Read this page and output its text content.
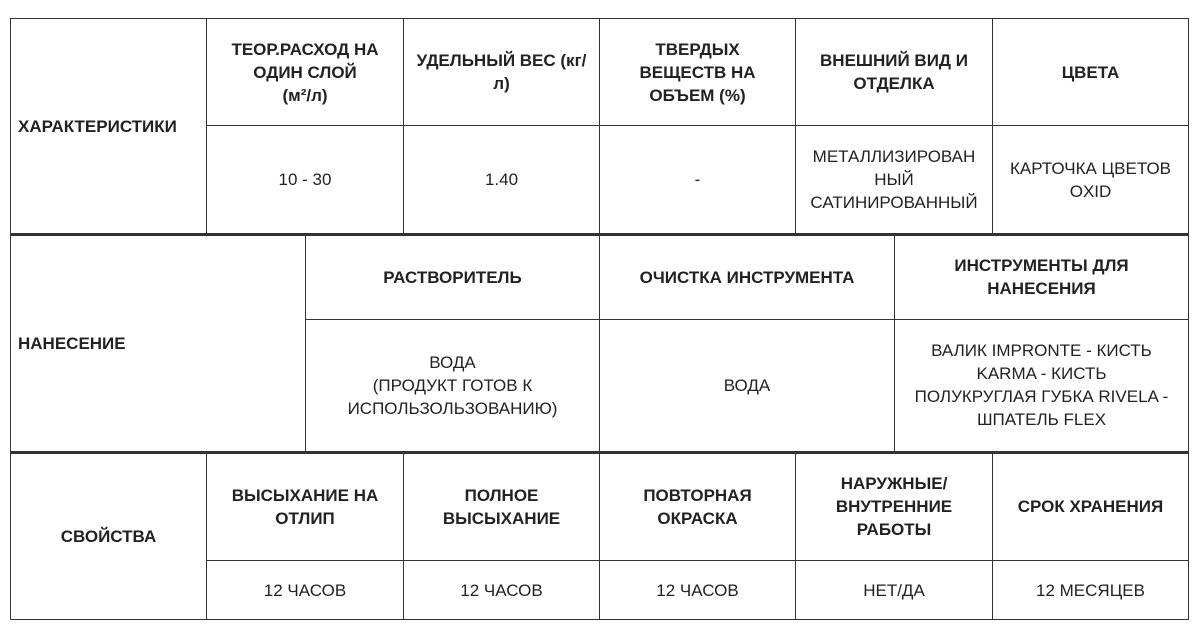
ХАРАКТЕРИСТИКИ	ТЕОР.РАСХОД НА
ОДИН СЛОЙ
(м²/л)	УДЕЛЬНЫЙ ВЕС (кг/
л)	ТВЕРДЫХ
ВЕЩЕСТВ НА
ОБЪЕМ (%)	ВНЕШНИЙ ВИД И
ОТДЕЛКА	ЦВЕТА
	10 - 30	1.40	-	МЕТАЛЛИЗИРОВАН
НЫЙ
САТИНИРОВАННЫЙ	КАРТОЧКА ЦВЕТОВ
OXID
НАНЕСЕНИЕ	РАСТВОРИТЕЛЬ	ОЧИСТКА ИНСТРУМЕНТА	ИНСТРУМЕНТЫ ДЛЯ
НАНЕСЕНИЯ
	ВОДА
(ПРОДУКТ ГОТОВ К
ИСПОЛЬЗОЛЬЗОВАНИЮ)	ВОДА	ВАЛИК IMPRONTE - КИСТЬ
KARMA - КИСТЬ
ПОЛУКРУГЛАЯ ГУБКА RIVELA -
ШПАТЕЛЬ FLEX
СВОЙСТВА	ВЫСЫХАНИЕ НА
ОТЛИП	ПОЛНОЕ
ВЫСЫХАНИЕ	ПОВТОРНАЯ
ОКРАСКА	НАРУЖНЫЕ/
ВНУТРЕННИЕ
РАБОТЫ	СРОК ХРАНЕНИЯ
	12 ЧАСОВ	12 ЧАСОВ	12 ЧАСОВ	НЕТ/ДА	12 МЕСЯЦЕВ
